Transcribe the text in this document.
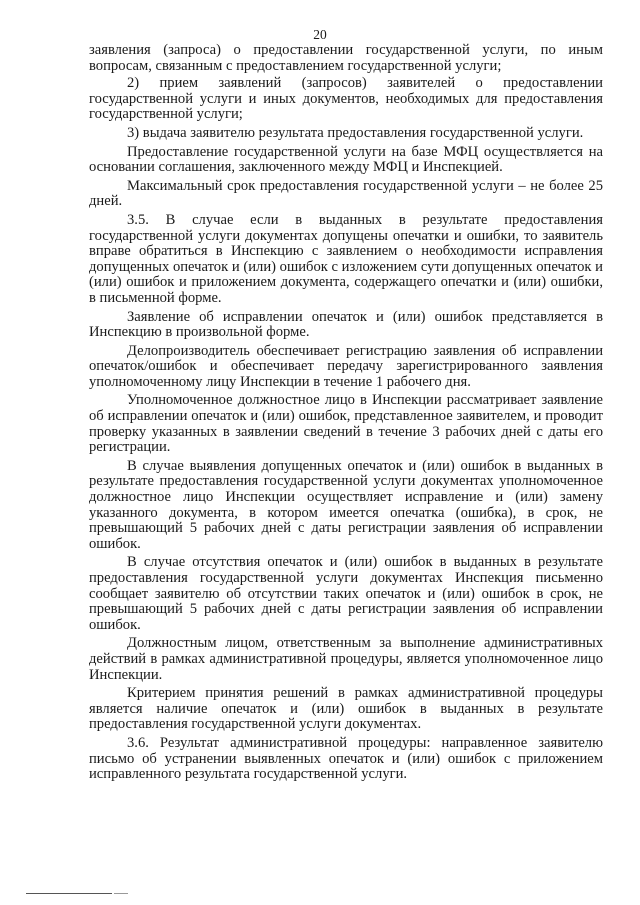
20

заявления (запроса) о предоставлении государственной услуги, по иным вопросам, связанным с предоставлением государственной услуги;

2) прием заявлений (запросов) заявителей о предоставлении государственной услуги и иных документов, необходимых для предоставления государственной услуги;

3) выдача заявителю результата предоставления государственной услуги.

Предоставление государственной услуги на базе МФЦ осуществляется на основании соглашения, заключенного между МФЦ и Инспекцией.

Максимальный срок предоставления государственной услуги – не более 25 дней.

3.5. В случае если в выданных в результате предоставления государственной услуги документах допущены опечатки и ошибки, то заявитель вправе обратиться в Инспекцию с заявлением о необходимости исправления допущенных опечаток и (или) ошибок с изложением сути допущенных опечаток и (или) ошибок и приложением документа, содержащего опечатки и (или) ошибки, в письменной форме.

Заявление об исправлении опечаток и (или) ошибок представляется в Инспекцию в произвольной форме.

Делопроизводитель обеспечивает регистрацию заявления об исправлении опечаток/ошибок и обеспечивает передачу зарегистрированного заявления уполномоченному лицу Инспекции в течение 1 рабочего дня.

Уполномоченное должностное лицо в Инспекции рассматривает заявление об исправлении опечаток и (или) ошибок, представленное заявителем, и проводит проверку указанных в заявлении сведений в течение 3 рабочих дней с даты его регистрации.

В случае выявления допущенных опечаток и (или) ошибок в выданных в результате предоставления государственной услуги документах уполномоченное должностное лицо Инспекции осуществляет исправление и (или) замену указанного документа, в котором имеется опечатка (ошибка), в срок, не превышающий 5 рабочих дней с даты регистрации заявления об исправлении ошибок.

В случае отсутствия опечаток и (или) ошибок в выданных в результате предоставления государственной услуги документах Инспекция письменно сообщает заявителю об отсутствии таких опечаток и (или) ошибок в срок, не превышающий 5 рабочих дней с даты регистрации заявления об исправлении ошибок.

Должностным лицом, ответственным за выполнение административных действий в рамках административной процедуры, является уполномоченное лицо Инспекции.

Критерием принятия решений в рамках административной процедуры является наличие опечаток и (или) ошибок в выданных в результате предоставления государственной услуги документах.

3.6. Результат административной процедуры: направленное заявителю письмо об устранении выявленных опечаток и (или) ошибок с приложением исправленного результата государственной услуги.
